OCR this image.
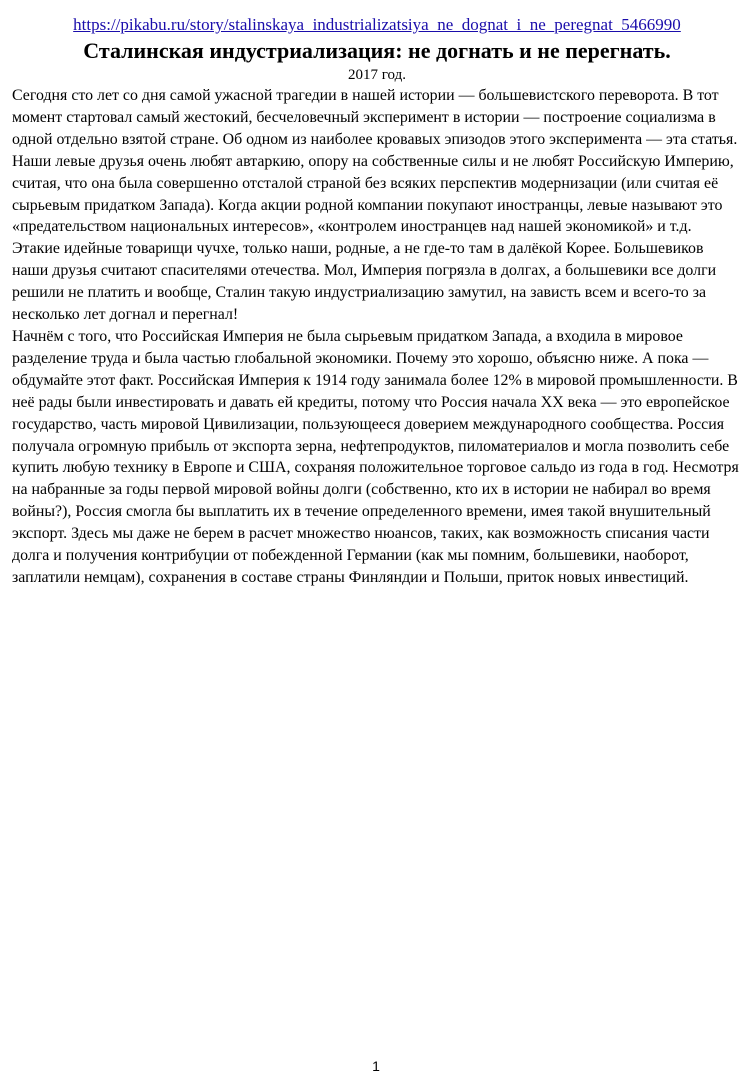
https://pikabu.ru/story/stalinskaya_industrializatsiya_ne_dognat_i_ne_peregnat_5466990
Сталинская индустриализация: не догнать и не перегнать.
2017 год.

Сегодня сто лет со дня самой ужасной трагедии в нашей истории — большевистского переворота. В тот момент стартовал самый жестокий, бесчеловечный эксперимент в истории — построение социализма в одной отдельно взятой стране. Об одном из наиболее кровавых эпизодов этого эксперимента — эта статья.

Наши левые друзья очень любят автаркию, опору на собственные силы и не любят Российскую Империю, считая, что она была совершенно отсталой страной без всяких перспектив модернизации (или считая её сырьевым придатком Запада). Когда акции родной компании покупают иностранцы, левые называют это «предательством национальных интересов», «контролем иностранцев над нашей экономикой» и т.д. Этакие идейные товарищи чучхе, только наши, родные, а не где-то там в далёкой Корее. Большевиков наши друзья считают спасителями отечества. Мол, Империя погрязла в долгах, а большевики все долги решили не платить и вообще, Сталин такую индустриализацию замутил, на зависть всем и всего-то за несколько лет догнал и перегнал!

Начнём с того, что Российская Империя не была сырьевым придатком Запада, а входила в мировое разделение труда и была частью глобальной экономики. Почему это хорошо, объясню ниже. А пока — обдумайте этот факт. Российская Империя к 1914 году занимала более 12% в мировой промышленности. В неё рады были инвестировать и давать ей кредиты, потому что Россия начала XX века — это европейское государство, часть мировой Цивилизации, пользующееся доверием международного сообщества. Россия получала огромную прибыль от экспорта зерна, нефтепродуктов, пиломатериалов и могла позволить себе купить любую технику в Европе и США, сохраняя положительное торговое сальдо из года в год. Несмотря на набранные за годы первой мировой войны долги (собственно, кто их в истории не набирал во время войны?), Россия смогла бы выплатить их в течение определенного времени, имея такой внушительный экспорт. Здесь мы даже не берем в расчет множество нюансов, таких, как возможность списания части долга и получения контрибуции от побежденной Германии (как мы помним, большевики, наоборот, заплатили немцам), сохранения в составе страны Финляндии и Польши, приток новых инвестиций.

1
